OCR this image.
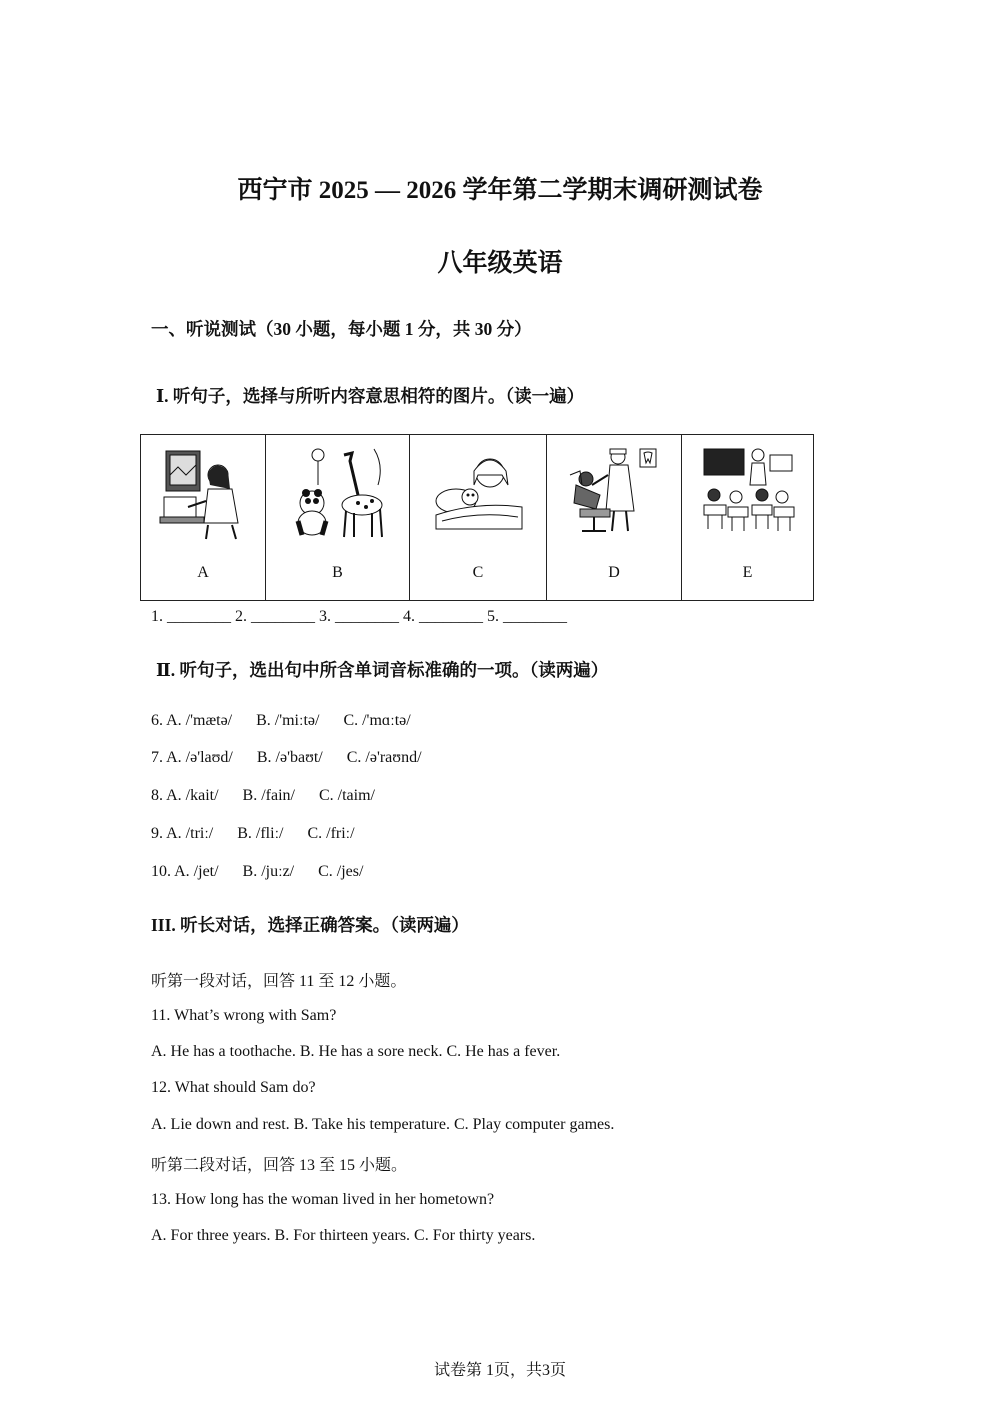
西宁市 2025 — 2026 学年第二学期末调研测试卷
八年级英语
一、听说测试（30 小题，每小题 1 分，共 30 分）
Ⅰ. 听句子，选择与所听内容意思相符的图片。（读一遍）
A	B	C	D	E
1. ________ 2. ________ 3. ________ 4. ________ 5. ________
Ⅱ. 听句子，选出句中所含单词音标准确的一项。（读两遍）
6. A. /'mætə/      B. /'miːtə/      C. /'mɑːtə/
7. A. /ə'laʊd/      B. /ə'baʊt/      C. /ə'raʊnd/
8. A. /kait/      B. /fain/      C. /taim/
9. A. /triː/      B. /fliː/      C. /friː/
10. A. /jet/      B. /juːz/      C. /jes/
III. 听长对话，选择正确答案。（读两遍）
听第一段对话，回答 11 至 12 小题。
11. What’s wrong with Sam?
A. He has a toothache. B. He has a sore neck. C. He has a fever.
12. What should Sam do?
A. Lie down and rest. B. Take his temperature. C. Play computer games.
听第二段对话，回答 13 至 15 小题。
13. How long has the woman lived in her hometown?
A. For three years. B. For thirteen years. C. For thirty years.
试卷第 1页，共3页
